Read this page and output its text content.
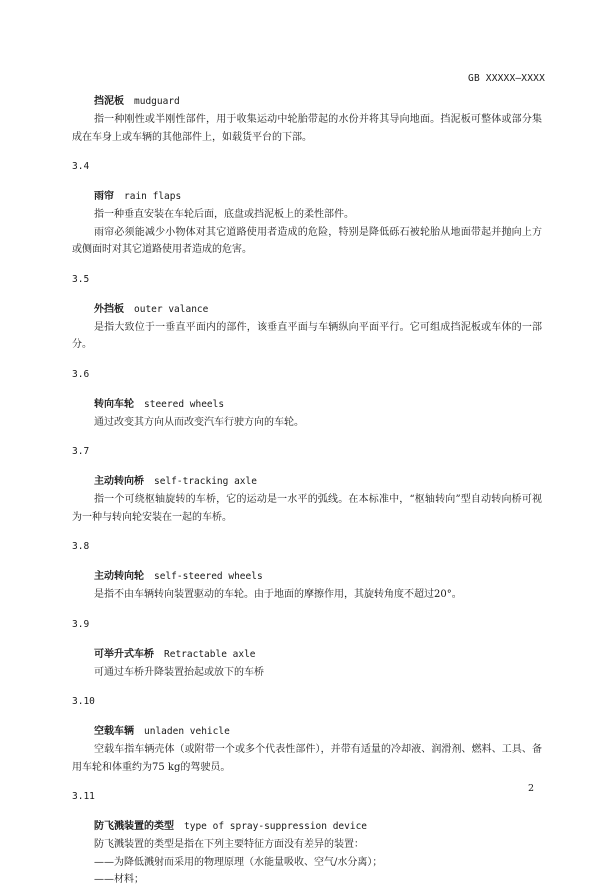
GB XXXXX—XXXX
挡泥板 mudguard

指一种刚性或半刚性部件，用于收集运动中轮胎带起的水份并将其导向地面。挡泥板可整体或部分集成在车身上或车辆的其他部件上，如载货平台的下部。

3.4
雨帘 rain flaps

指一种垂直安装在车轮后面，底盘或挡泥板上的柔性部件。

雨帘必须能减少小物体对其它道路使用者造成的危险，特别是降低砾石被轮胎从地面带起并抛向上方或侧面时对其它道路使用者造成的危害。

3.5
外挡板 outer valance

是指大致位于一垂直平面内的部件，该垂直平面与车辆纵向平面平行。它可组成挡泥板或车体的一部分。

3.6
转向车轮 steered wheels

通过改变其方向从而改变汽车行驶方向的车轮。

3.7
主动转向桥 self-tracking axle

指一个可绕枢轴旋转的车桥，它的运动是一水平的弧线。在本标准中，“枢轴转向”型自动转向桥可视为一种与转向轮安装在一起的车桥。

3.8
主动转向轮 self-steered wheels

是指不由车辆转向装置驱动的车轮。由于地面的摩擦作用，其旋转角度不超过20°。

3.9
可举升式车桥 Retractable axle

可通过车桥升降装置抬起或放下的车桥

3.10
空载车辆 unladen vehicle

空载车指车辆壳体（或附带一个或多个代表性部件），并带有适量的冷却液、润滑剂、燃料、工具、备用车轮和体重约为75 kg的驾驶员。

3.11
防飞溅装置的类型 type of spray-suppression device

防飞溅装置的类型是指在下列主要特征方面没有差异的装置：

——为降低溅射而采用的物理原理（水能量吸收、空气/水分离）；

——材料；

2
